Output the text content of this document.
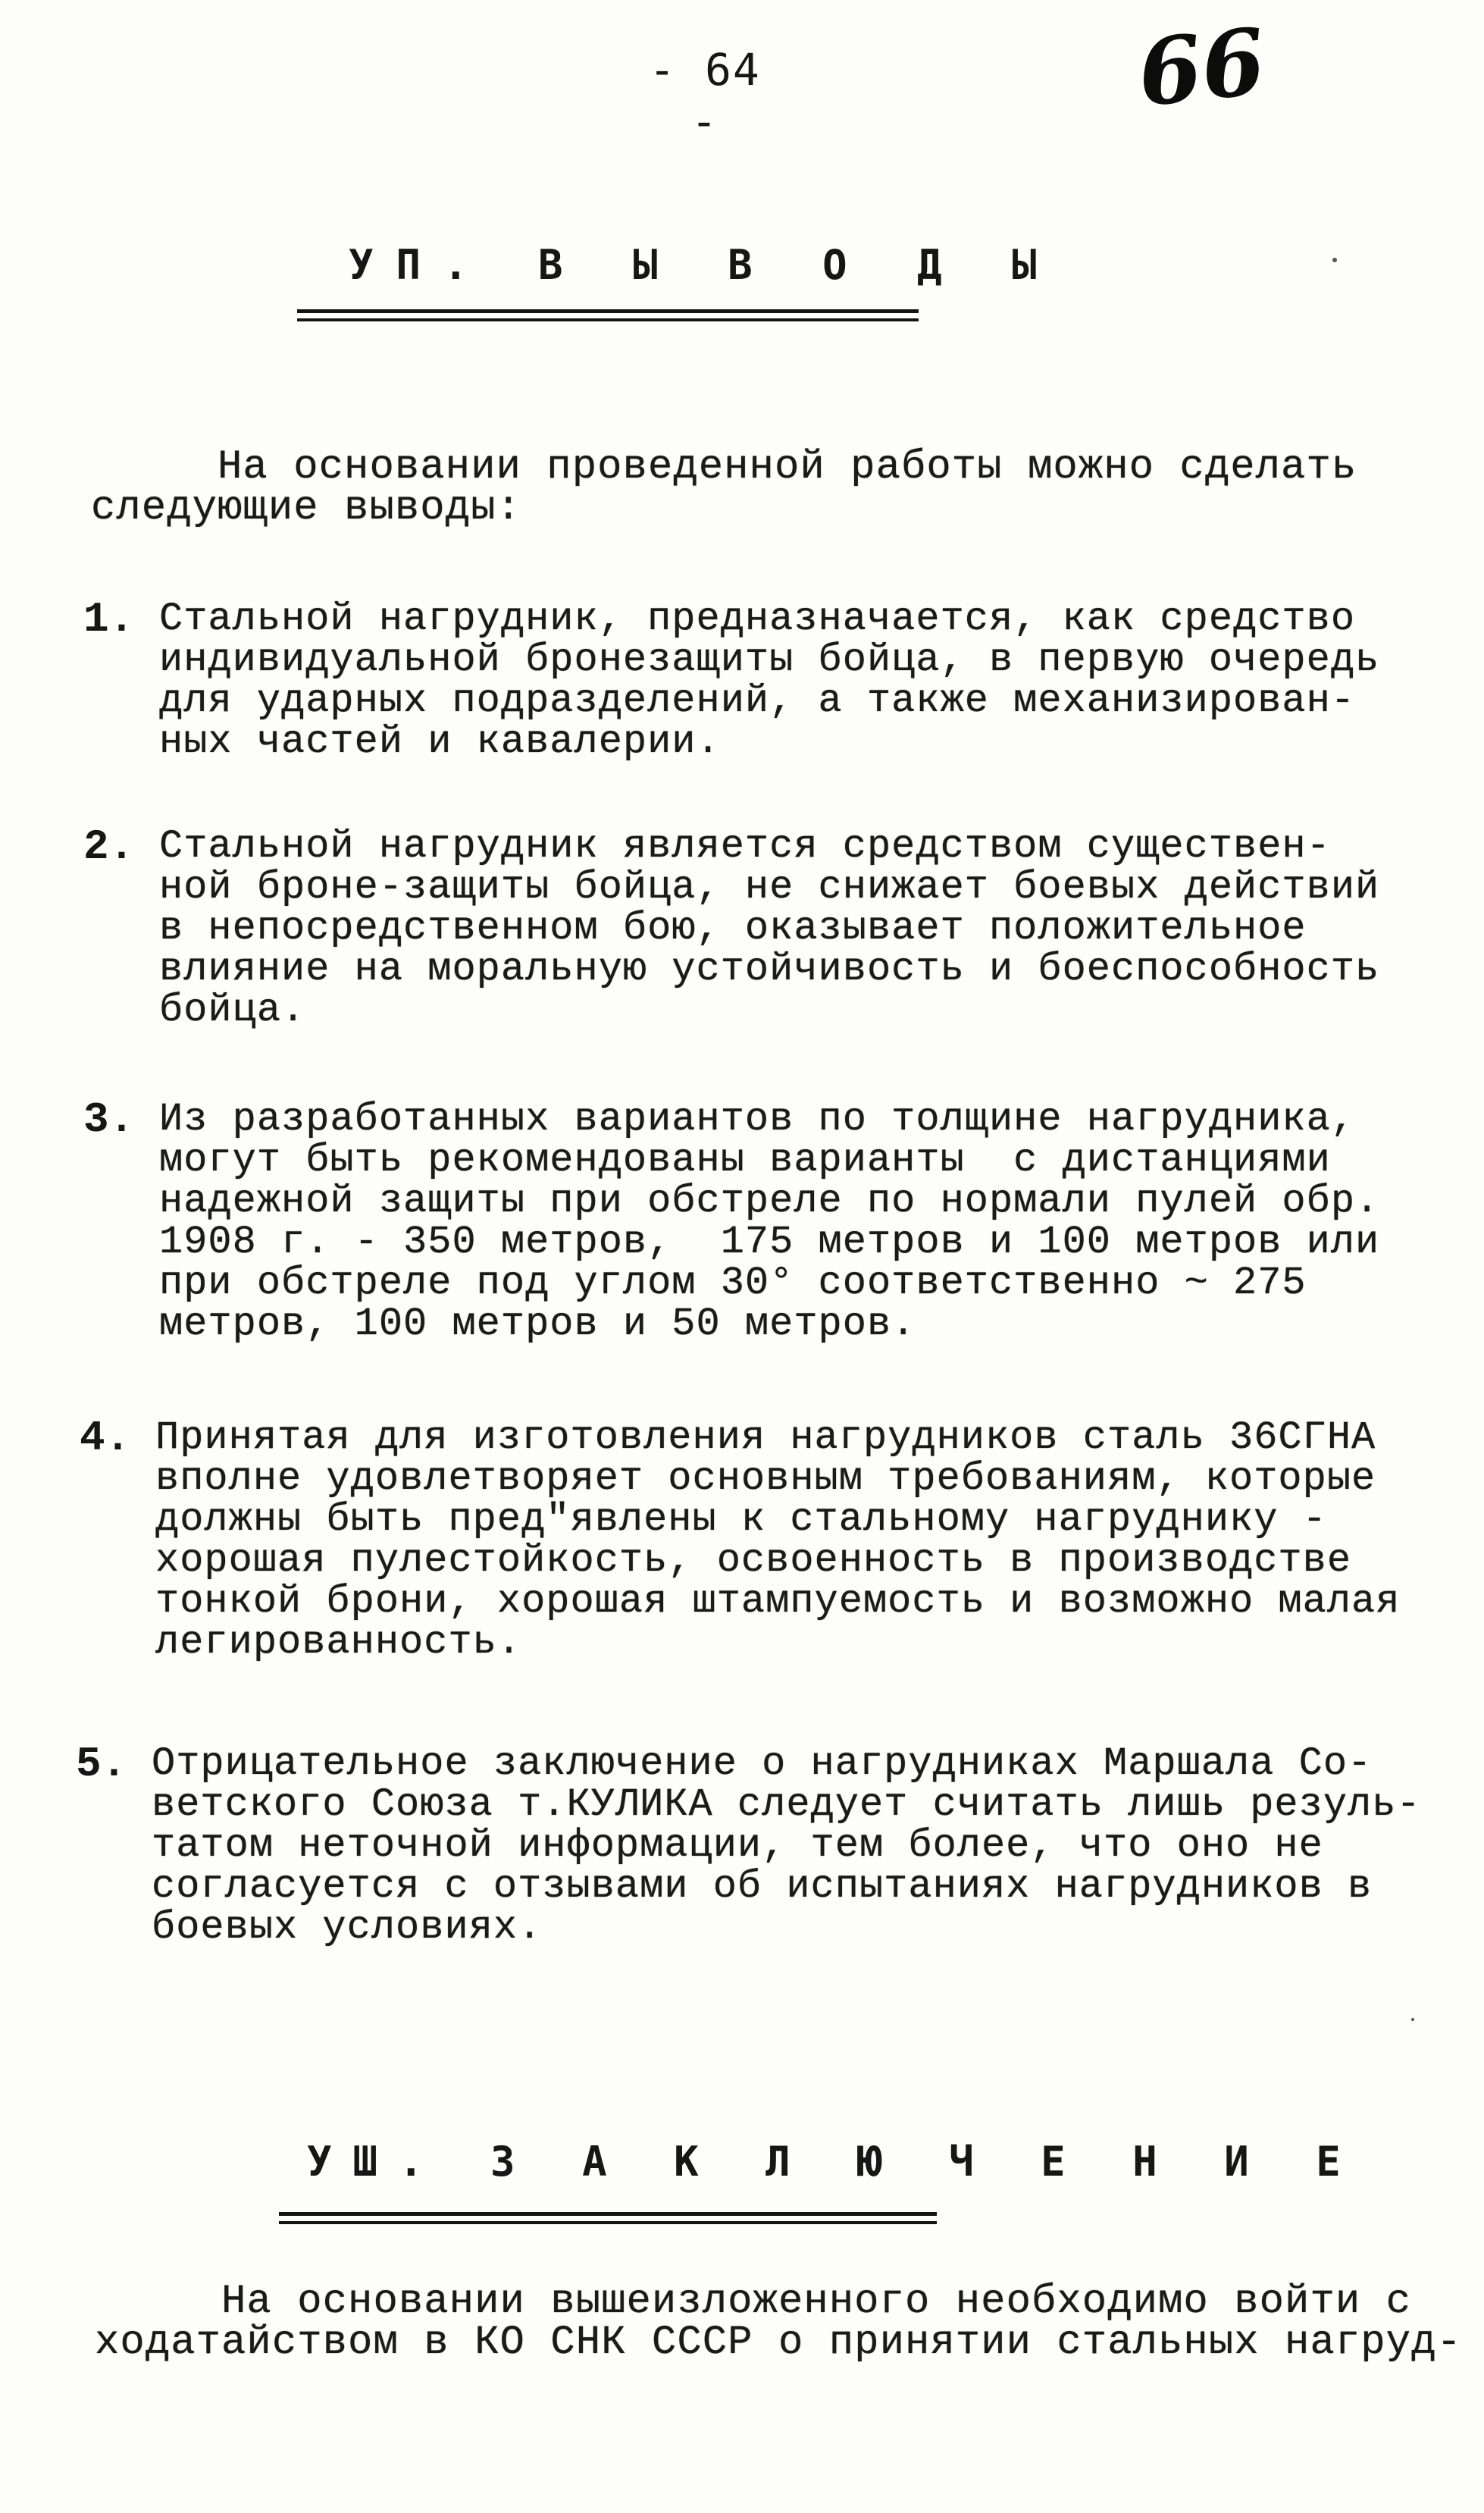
- 64 -	66
УП. В Ы В О Д Ы
На основании проведенной работы можно сделать
следующие выводы:
1. Стальной нагрудник, предназначается, как средство
индивидуальной бронезащиты бойца, в первую очередь
для ударных подразделений, а также механизирован-
ных частей и кавалерии.
2. Стальной нагрудник является средством существен-
ной броне-защиты бойца, не снижает боевых действий
в непосредственном бою, оказывает положительное
влияние на моральную устойчивость и боеспособность
бойца.
3. Из разработанных вариантов по толщине нагрудника,
могут быть рекомендованы варианты  с дистанциями
надежной защиты при обстреле по нормали пулей обр.
1908 г. - 350 метров,  175 метров и 100 метров или
при обстреле под углом 30° соответственно ~ 275
метров, 100 метров и 50 метров.
4. Принятая для изготовления нагрудников сталь 36СГНА
вполне удовлетворяет основным требованиям, которые
должны быть пред"явлены к стальному нагруднику -
хорошая пулестойкость, освоенность в производстве
тонкой брони, хорошая штампуемость и возможно малая
легированность.
5. Отрицательное заключение о нагрудниках Маршала Со-
ветского Союза т.КУЛИКА следует считать лишь резуль-
татом неточной информации, тем более, что оно не
согласуется с отзывами об испытаниях нагрудников в
боевых условиях.
УШ. З А К Л Ю Ч Е Н И Е
На основании вышеизложенного необходимо войти с
ходатайством в КО СНК СССР о принятии стальных нагруд-
